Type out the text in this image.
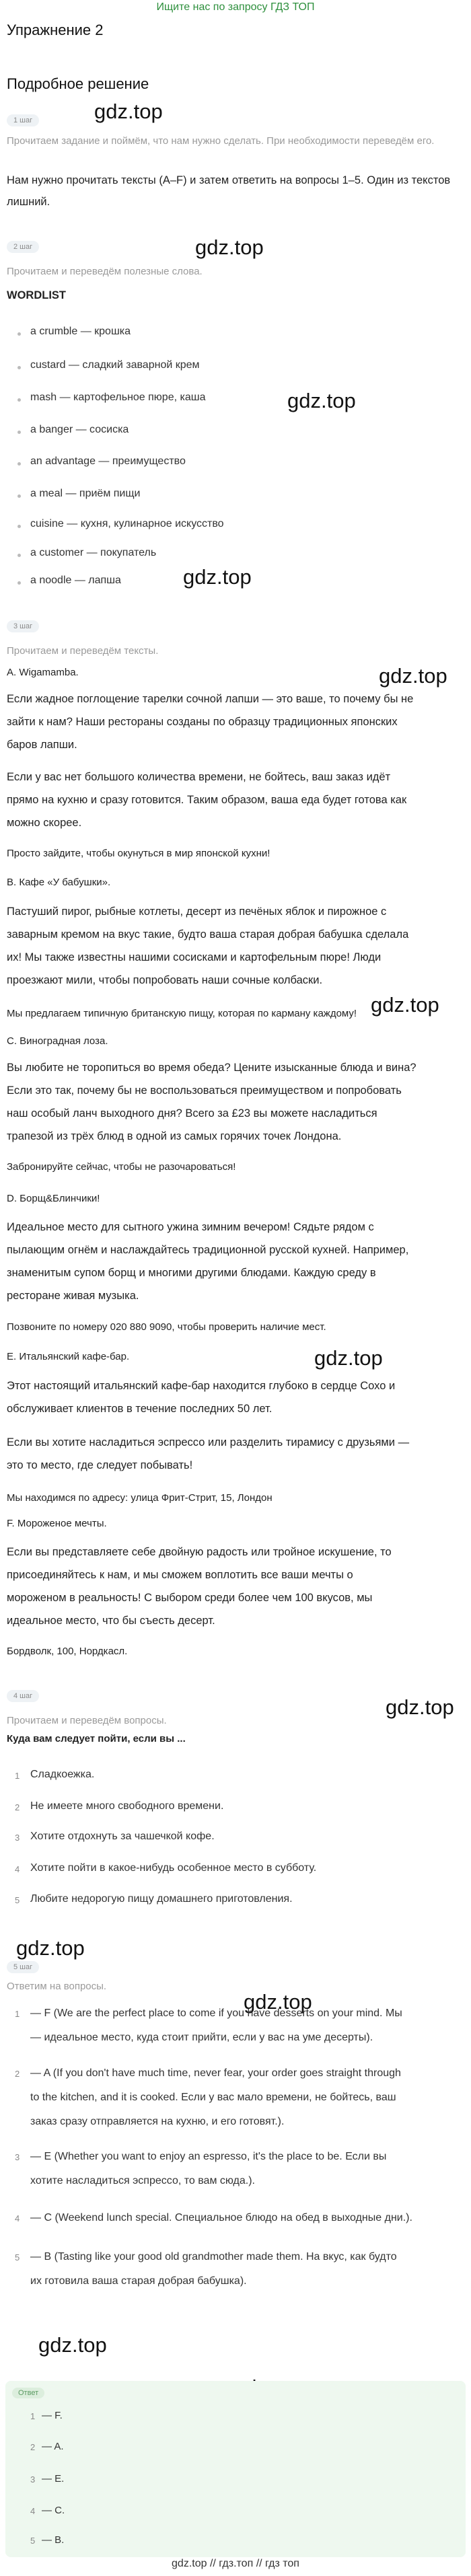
Ищите нас по запросу ГДЗ ТОП
Упражнение 2
Подробное решение
gdz.top
gdz.top
gdz.top
gdz.top
gdz.top
gdz.top
gdz.top
gdz.top
gdz.top
gdz.top
gdz.top
1 шаг
Прочитаем задание и поймём, что нам нужно сделать. При необходимости переведём его.
Нам нужно прочитать тексты (A–F) и затем ответить на вопросы 1–5. Один из текстов лишний.
2 шаг
Прочитаем и переведём полезные слова.
WORDLIST
a crumble — крошка
custard — сладкий заварной крем
mash — картофельное пюре, каша
a banger — сосиска
an advantage — преимущество
a meal — приём пищи
cuisine — кухня, кулинарное искусство
a customer — покупатель
a noodle — лапша
3 шаг
Прочитаем и переведём тексты.
A. Wigamamba.
Если жадное поглощение тарелки сочной лапши — это ваше, то почему бы не
зайти к нам? Наши рестораны созданы по образцу традиционных японских
баров лапши.
Если у вас нет большого количества времени, не бойтесь, ваш заказ идёт
прямо на кухню и сразу готовится. Таким образом, ваша еда будет готова как
можно скорее.
Просто зайдите, чтобы окунуться в мир японской кухни!
B. Кафе «У бабушки».
Пастуший пирог, рыбные котлеты, десерт из печёных яблок и пирожное с
заварным кремом на вкус такие, будто ваша старая добрая бабушка сделала
их! Мы также известны нашими сосисками и картофельным пюре! Люди
проезжают мили, чтобы попробовать наши сочные колбаски.
Мы предлагаем типичную британскую пищу, которая по карману каждому!
C. Виноградная лоза.
Вы любите не торопиться во время обеда? Цените изысканные блюда и вина?
Если это так, почему бы не воспользоваться преимуществом и попробовать
наш особый ланч выходного дня? Всего за £23 вы можете насладиться
трапезой из трёх блюд в одной из самых горячих точек Лондона.
Забронируйте сейчас, чтобы не разочароваться!
D. Борщ&Блинчики!
Идеальное место для сытного ужина зимним вечером! Сядьте рядом с
пылающим огнём и наслаждайтесь традиционной русской кухней. Например,
знаменитым супом борщ и многими другими блюдами. Каждую среду в
ресторане живая музыка.
Позвоните по номеру 020 880 9090, чтобы проверить наличие мест.
E. Итальянский кафе-бар.
Этот настоящий итальянский кафе-бар находится глубоко в сердце Сохо и
обслуживает клиентов в течение последних 50 лет.
Если вы хотите насладиться эспрессо или разделить тирамису с друзьями —
это то место, где следует побывать!
Мы находимся по адресу: улица Фрит-Стрит, 15, Лондон
F. Мороженое мечты.
Если вы представляете себе двойную радость или тройное искушение, то
присоединяйтесь к нам, и мы сможем воплотить все ваши мечты о
мороженом в реальность! С выбором среди более чем 100 вкусов, мы
идеальное место, что бы съесть десерт.
Бордволк, 100, Нордкасл.
4 шаг
Прочитаем и переведём вопросы.
Куда вам следует пойти, если вы ...
1 Сладкоежка.
2 Не имеете много свободного времени.
3 Хотите отдохнуть за чашечкой кофе.
4 Хотите пойти в какое-нибудь особенное место в субботу.
5 Любите недорогую пищу домашнего приготовления.
5 шаг
Ответим на вопросы.
1 — F (We are the perfect place to come if you have desserts on your mind. Мы
— идеальное место, куда стоит прийти, если у вас на уме десерты).
2 — A (If you don't have much time, never fear, your order goes straight through
to the kitchen, and it is cooked. Если у вас мало времени, не бойтесь, ваш
заказ сразу отправляется на кухню, и его готовят.).
3 — E (Whether you want to enjoy an espresso, it's the place to be. Если вы
хотите насладиться эспрессо, то вам сюда.).
4 — C (Weekend lunch special. Специальное блюдо на обед в выходные дни.).
5 — B (Tasting like your good old grandmother made them. На вкус, как будто
их готовила ваша старая добрая бабушка).
Ответ
1 — F.
2 — A.
3 — E.
4 — C.
5 — B.
gdz.top // гдз.топ // гдз топ
